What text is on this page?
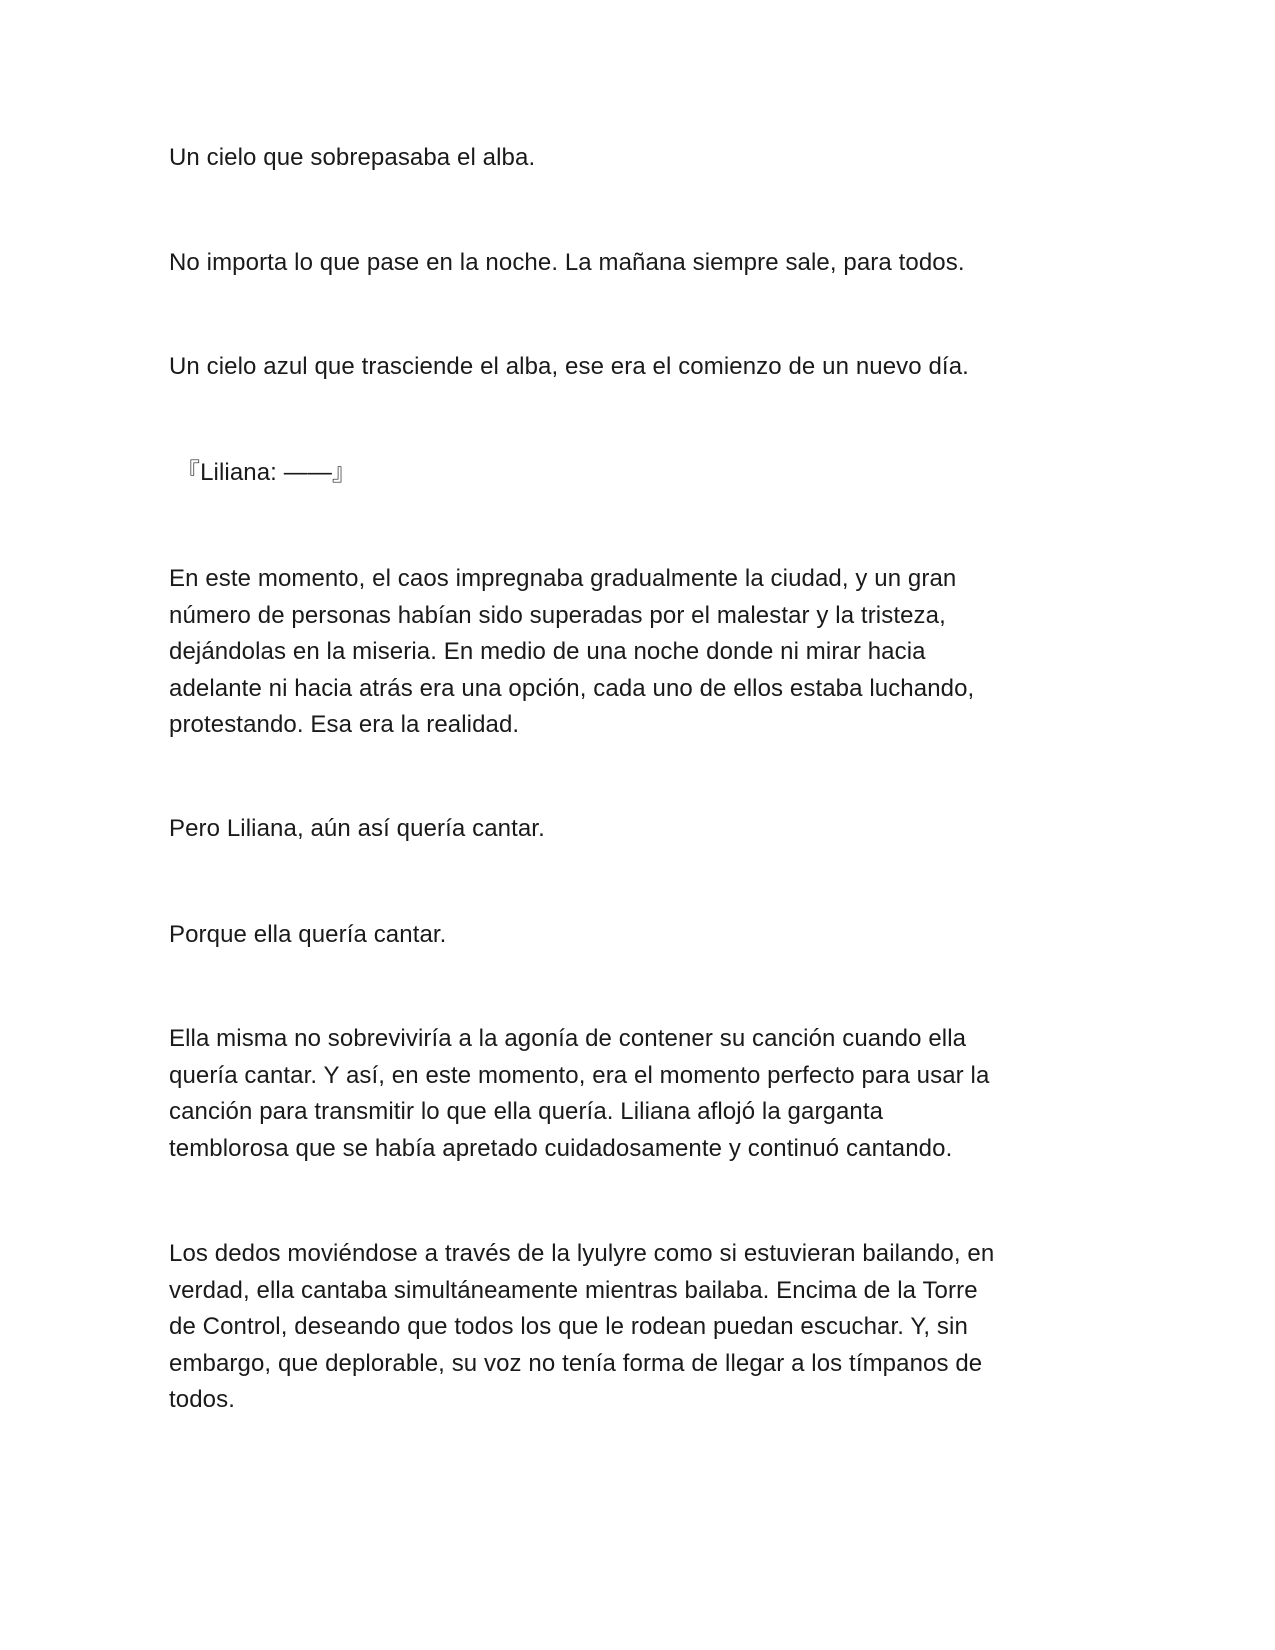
Un cielo que sobrepasaba el alba.

No importa lo que pase en la noche. La mañana siempre sale, para todos.

Un cielo azul que trasciende el alba, ese era el comienzo de un nuevo día.

『Liliana: ——』

En este momento, el caos impregnaba gradualmente la ciudad, y un gran
número de personas habían sido superadas por el malestar y la tristeza,
dejándolas en la miseria. En medio de una noche donde ni mirar hacia
adelante ni hacia atrás era una opción, cada uno de ellos estaba luchando,
protestando. Esa era la realidad.

Pero Liliana, aún así quería cantar.

Porque ella quería cantar.

Ella misma no sobreviviría a la agonía de contener su canción cuando ella
quería cantar. Y así, en este momento, era el momento perfecto para usar la
canción para transmitir lo que ella quería. Liliana aflojó la garganta
temblorosa que se había apretado cuidadosamente y continuó cantando.

Los dedos moviéndose a través de la lyulyre como si estuvieran bailando, en
verdad, ella cantaba simultáneamente mientras bailaba. Encima de la Torre
de Control, deseando que todos los que le rodean puedan escuchar. Y, sin
embargo, que deplorable, su voz no tenía forma de llegar a los tímpanos de
todos.
